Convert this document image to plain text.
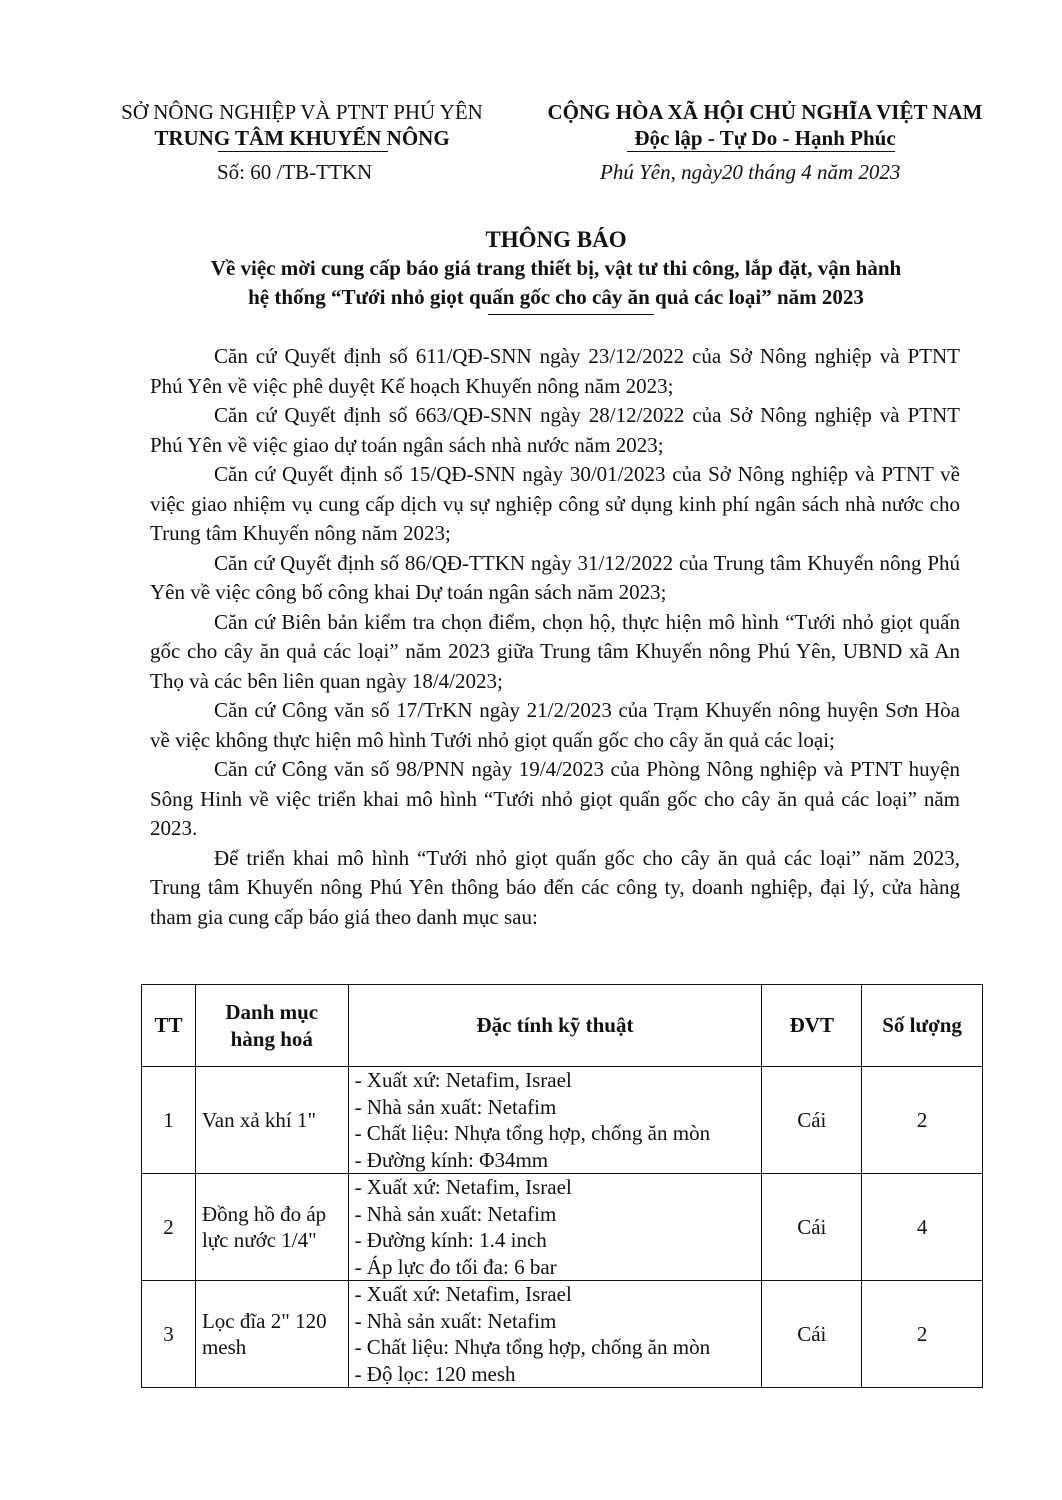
SỞ NÔNG NGHIỆP VÀ PTNT PHÚ YÊN
TRUNG TÂM KHUYẾN NÔNG
CỘNG HÒA XÃ HỘI CHỦ NGHĨA VIỆT NAM
Độc lập - Tự Do - Hạnh Phúc
Số: 60 /TB-TTKN	Phú Yên, ngày20 tháng 4 năm 2023
THÔNG BÁO
Về việc mời cung cấp báo giá trang thiết bị, vật tư thi công, lắp đặt, vận hành
hệ thống “Tưới nhỏ giọt quấn gốc cho cây ăn quả các loại” năm 2023

Căn cứ Quyết định số 611/QĐ-SNN ngày 23/12/2022 của Sở Nông nghiệp và PTNT Phú Yên về việc phê duyệt Kế hoạch Khuyến nông năm 2023;

Căn cứ Quyết định số 663/QĐ-SNN ngày 28/12/2022 của Sở Nông nghiệp và PTNT Phú Yên về việc giao dự toán ngân sách nhà nước năm 2023;

Căn cứ Quyết định số 15/QĐ-SNN ngày 30/01/2023 của Sở Nông nghiệp và PTNT về việc giao nhiệm vụ cung cấp dịch vụ sự nghiệp công sử dụng kinh phí ngân sách nhà nước cho Trung tâm Khuyến nông năm 2023;

Căn cứ Quyết định số 86/QĐ-TTKN ngày 31/12/2022 của Trung tâm Khuyến nông Phú Yên về việc công bố công khai Dự toán ngân sách năm 2023;

Căn cứ Biên bản kiểm tra chọn điểm, chọn hộ, thực hiện mô hình “Tưới nhỏ giọt quấn gốc cho cây ăn quả các loại” năm 2023 giữa Trung tâm Khuyến nông Phú Yên, UBND xã An Thọ và các bên liên quan ngày 18/4/2023;

Căn cứ Công văn số 17/TrKN ngày 21/2/2023 của Trạm Khuyến nông huyện Sơn Hòa về việc không thực hiện mô hình Tưới nhỏ giọt quấn gốc cho cây ăn quả các loại;

Căn cứ Công văn số 98/PNN ngày 19/4/2023 của Phòng Nông nghiệp và PTNT huyện Sông Hinh về việc triển khai mô hình “Tưới nhỏ giọt quấn gốc cho cây ăn quả các loại” năm 2023.

Để triển khai mô hình “Tưới nhỏ giọt quấn gốc cho cây ăn quả các loại” năm 2023, Trung tâm Khuyến nông Phú Yên thông báo đến các công ty, doanh nghiệp, đại lý, cửa hàng tham gia cung cấp báo giá theo danh mục sau:

TT	Danh mục hàng hoá	Đặc tính kỹ thuật	ĐVT	Số lượng
1	Van xả khí 1"	- Xuất xứ: Netafim, Israel
- Nhà sản xuất: Netafim
- Chất liệu: Nhựa tổng hợp, chống ăn mòn
- Đường kính: Φ34mm	Cái	2
2	Đồng hồ đo áp lực nước 1/4"	- Xuất xứ: Netafim, Israel
- Nhà sản xuất: Netafim
- Đường kính: 1.4 inch
- Áp lực đo tối đa: 6 bar	Cái	4
3	Lọc đĩa 2" 120 mesh	- Xuất xứ: Netafim, Israel
- Nhà sản xuất: Netafim
- Chất liệu: Nhựa tổng hợp, chống ăn mòn
- Độ lọc: 120 mesh	Cái	2
